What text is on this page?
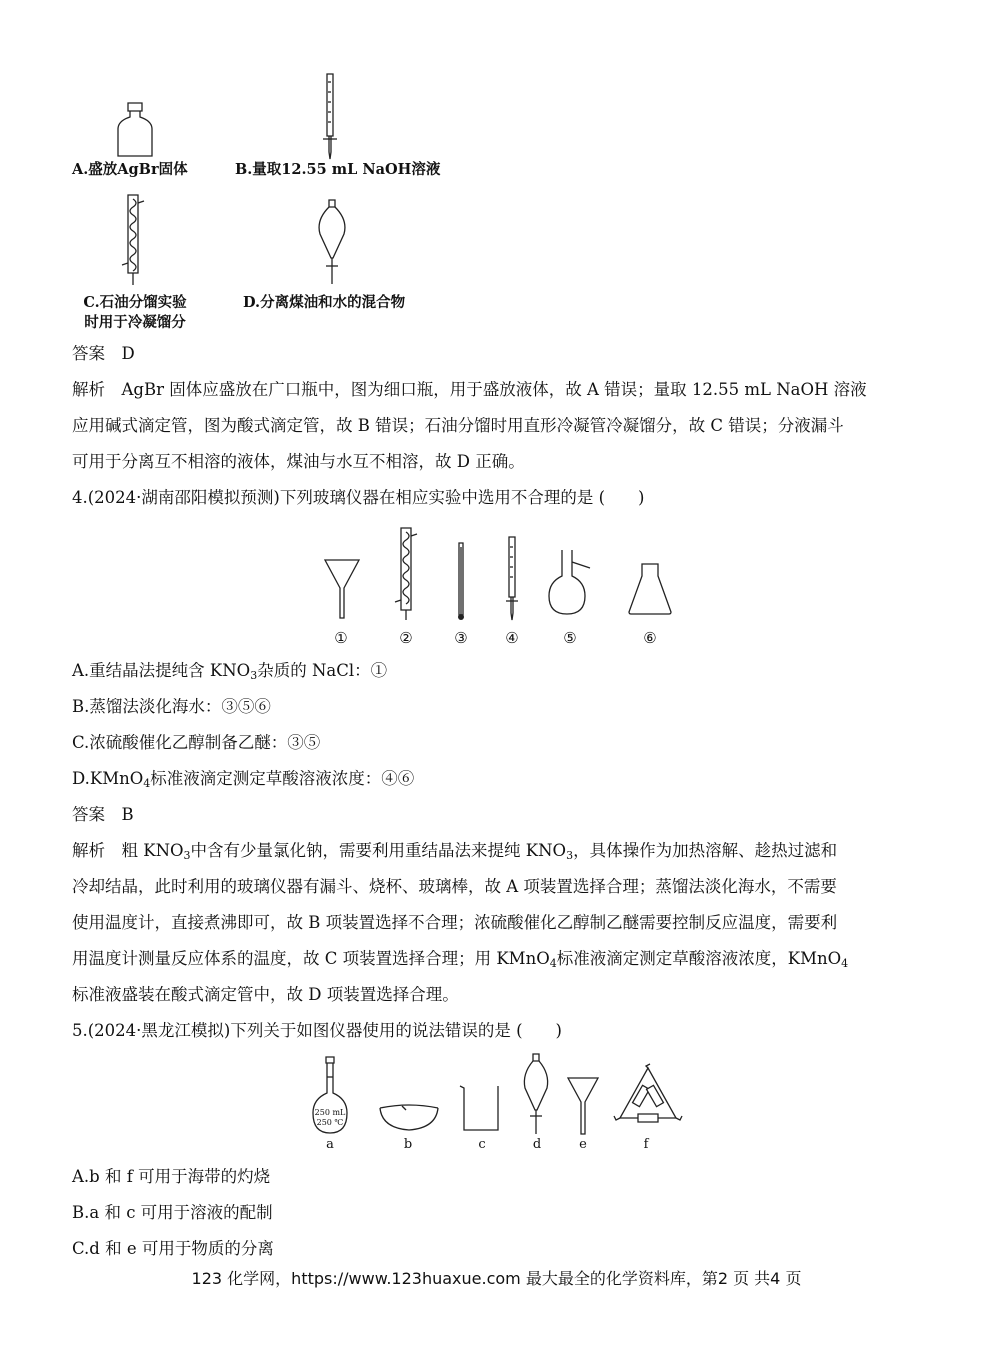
A.盛放AgBr固体	B.量取12.55 mL NaOH溶液
C.石油分馏实验
时用于冷凝馏分
D.分离煤油和水的混合物
答案　D
解析　AgBr 固体应盛放在广口瓶中，图为细口瓶，用于盛放液体，故 A 错误；量取 12.55 mL NaOH 溶液
应用碱式滴定管，图为酸式滴定管，故 B 错误；石油分馏时用直形冷凝管冷凝馏分，故 C 错误；分液漏斗
可用于分离互不相溶的液体，煤油与水互不相溶，故 D 正确。
4.(2024·湖南邵阳模拟预测)下列玻璃仪器在相应实验中选用不合理的是 (　　)
①	②	③	④	⑤	⑥
A.重结晶法提纯含 $KNO_3$杂质的 NaCl：①
B.蒸馏法淡化海水：③⑤⑥
C.浓硫酸催化乙醇制备乙醚：③⑤
D.KMnO$_4$标准液滴定测定草酸溶液浓度：④⑥
答案　B
解析　粗 $KNO_3$中含有少量氯化钠，需要利用重结晶法来提纯 $KNO_3$，具体操作为加热溶解、趁热过滤和
冷却结晶，此时利用的玻璃仪器有漏斗、烧杯、玻璃棒，故 A 项装置选择合理；蒸馏法淡化海水，不需要
使用温度计，直接煮沸即可，故 B 项装置选择不合理；浓硫酸催化乙醇制乙醚需要控制反应温度，需要利
用温度计测量反应体系的温度，故 C 项装置选择合理；用 KMnO$_4$标准液滴定测定草酸溶液浓度，KMnO$_4$
标准液盛装在酸式滴定管中，故 D 项装置选择合理。
5.(2024·黑龙江模拟)下列关于如图仪器使用的说法错误的是 (　　)
250 mL
250 ℃
a	b	c	d	e	f
A.b 和 f 可用于海带的灼烧
B.a 和 c 可用于溶液的配制
C.d 和 e 可用于物质的分离
123 化学网，https://www.123huaxue.com 最大最全的化学资料库，第2 页 共4 页
